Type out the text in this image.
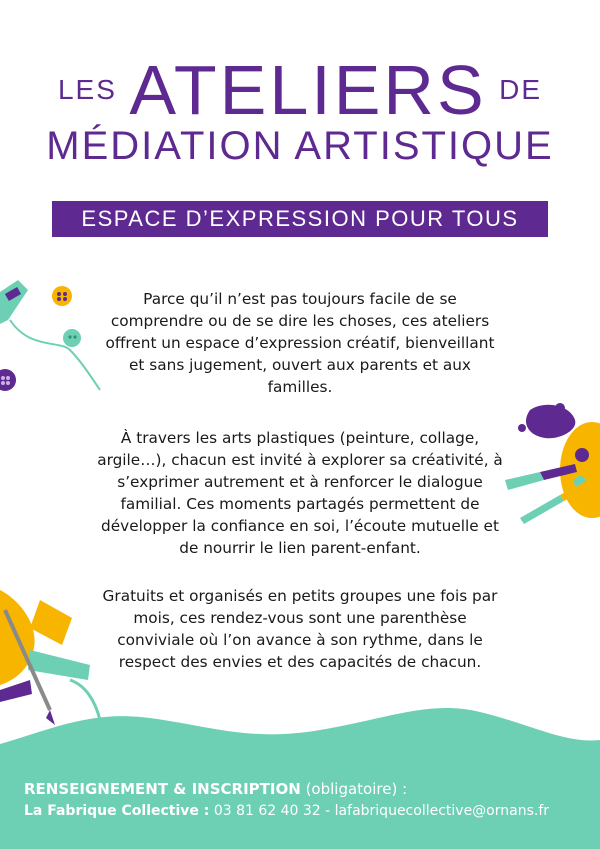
LES ATELIERS DE
MÉDIATION ARTISTIQUE
ESPACE D’EXPRESSION POUR TOUS
Parce qu’il n’est pas toujours facile de se comprendre ou de se dire les choses, ces ateliers offrent un espace d’expression créatif, bienveillant et sans jugement, ouvert aux parents et aux familles.
À travers les arts plastiques (peinture, collage, argile…), chacun est invité à explorer sa créativité, à s’exprimer autrement et à renforcer le dialogue familial. Ces moments partagés permettent de développer la confiance en soi, l’écoute mutuelle et de nourrir le lien parent-enfant.
Gratuits et organisés en petits groupes une fois par mois, ces rendez-vous sont une parenthèse conviviale où l’on avance à son rythme, dans le respect des envies et des capacités de chacun.
RENSEIGNEMENT & INSCRIPTION (obligatoire) :
La Fabrique Collective : 03 81 62 40 32 - lafabriquecollective@ornans.fr
